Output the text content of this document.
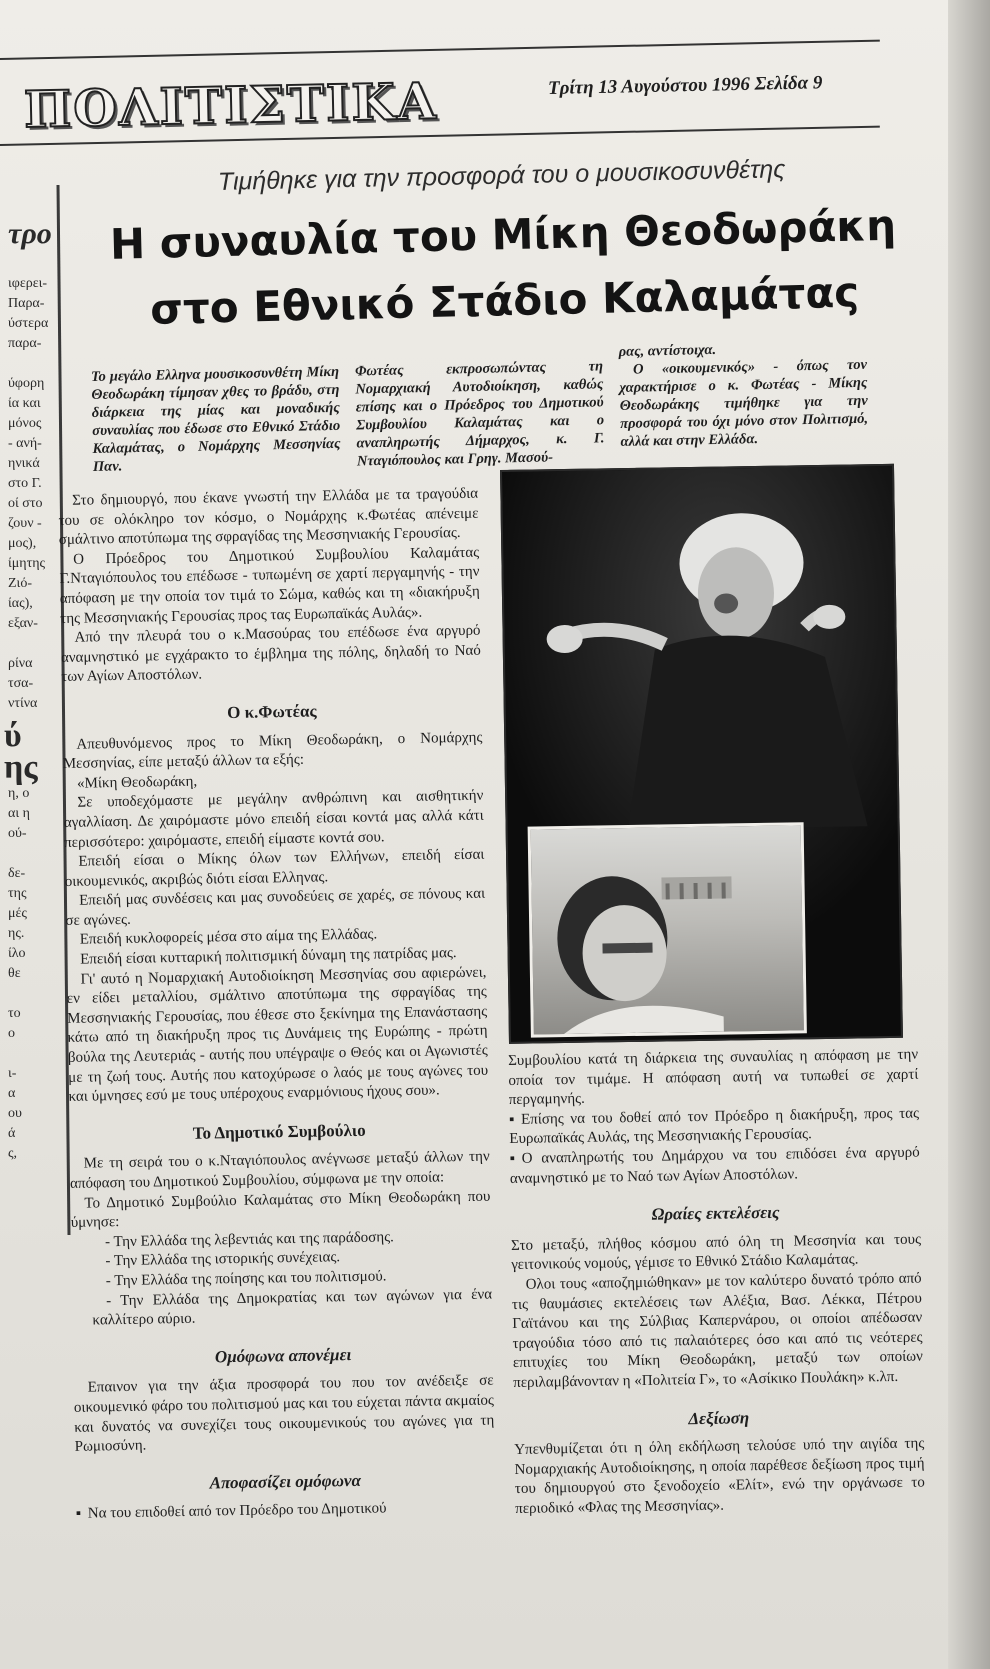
ΠΟΛΙΤΙΣΤΙΚΑ	Τρίτη 13 Αυγούστου 1996 Σελίδα 9

τρο
ιφερει-
Παρα-
ύστερα
παρα-

ύφορη
ία και
μόνος
- ανή-
ηνικά
στο Γ.
οί στο
ζουν -
μος),
ίμητης
Ζιό-
ίας),
εξαν-

ρίνα
τσα-
ντίνα
ύ
ης
η, ο
αι η
ού-

δε-
της
μές
ης.
ίλο
θε

το
ο

ι-
α
ου
ά
ς,

Τιμήθηκε για την προσφορά του ο μουσικοσυνθέτης

Η συναυλία του Μίκη Θεοδωράκη
στο Εθνικό Στάδιο Καλαμάτας
Το μεγάλο Ελληνα μουσικοσυνθέτη Μίκη Θεοδωράκη τίμησαν χθες το βράδυ, στη διάρκεια της μίας και μοναδικής συναυλίας που έδωσε στο Εθνικό Στάδιο Καλαμάτας, ο Νομάρχης Μεσσηνίας Παν.
Φωτέας εκπροσωπώντας τη Νομαρχιακή Αυτοδιοίκηση, καθώς επίσης και ο Πρόεδρος του Δημοτικού Συμβουλίου Καλαμάτας και ο αναπληρωτής Δήμαρχος, κ. Γ. Νταγιόπουλος και Γρηγ. Μασού-
ρας, αντίστοιχα.
Ο «οικουμενικός» - όπως τον χαρακτήρισε ο κ. Φωτέας - Μίκης Θεοδωράκης τιμήθηκε για την προσφορά του όχι μόνο στον Πολιτισμό, αλλά και στην Ελλάδα.

Στο δημιουργό, που έκανε γνωστή την Ελλάδα με τα τραγούδια του σε ολόκληρο τον κόσμο, ο Νομάρχης κ.Φωτέας απένειμε σμάλτινο αποτύπωμα της σφραγίδας της Μεσσηνιακής Γερουσίας.

Ο Πρόεδρος του Δημοτικού Συμβουλίου Καλαμάτας Γ.Νταγιόπουλος του επέδωσε - τυπωμένη σε χαρτί περγαμηνής - την απόφαση με την οποία τον τιμά το Σώμα, καθώς και τη «διακήρυξη της Μεσσηνιακής Γερουσίας προς τας Ευρωπαϊκάς Αυλάς».

Από την πλευρά του ο κ.Μασούρας του επέδωσε ένα αργυρό αναμνηστικό με εγχάρακτο το έμβλημα της πόλης, δηλαδή το Ναό των Αγίων Αποστόλων.

Ο κ.Φωτέας

Απευθυνόμενος προς το Μίκη Θεοδωράκη, ο Νομάρχης Μεσσηνίας, είπε μεταξύ άλλων τα εξής:

«Μίκη Θεοδωράκη,

Σε υποδεχόμαστε με μεγάλην ανθρώπινη και αισθητικήν αγαλλίαση. Δε χαιρόμαστε μόνο επειδή είσαι κοντά μας αλλά κάτι περισσότερο: χαιρόμαστε, επειδή είμαστε κοντά σου.

Επειδή είσαι ο Μίκης όλων των Ελλήνων, επειδή είσαι οικουμενικός, ακριβώς διότι είσαι Ελληνας.

Επειδή μας συνδέσεις και μας συνοδεύεις σε χαρές, σε πόνους και σε αγώνες.

Επειδή κυκλοφορείς μέσα στο αίμα της Ελλάδας.

Επειδή είσαι κυτταρική πολιτισμική δύναμη της πατρίδας μας.

Γι' αυτό η Νομαρχιακή Αυτοδιοίκηση Μεσσηνίας σου αφιερώνει, εν είδει μεταλλίου, σμάλτινο αποτύπωμα της σφραγίδας της Μεσσηνιακής Γερουσίας, που έθεσε στο ξεκίνημα της Επανάστασης κάτω από τη διακήρυξη προς τις Δυνάμεις της Ευρώπης - πρώτη βούλα της Λευτεριάς - αυτής που υπέγραψε ο Θεός και οι Αγωνιστές με τη ζωή τους. Αυτής που κατοχύρωσε ο λαός με τους αγώνες του και ύμνησες εσύ με τους υπέροχους εναρμόνιους ήχους σου».

Το Δημοτικό Συμβούλιο

Με τη σειρά του ο κ.Νταγιόπουλος ανέγνωσε μεταξύ άλλων την απόφαση του Δημοτικού Συμβουλίου, σύμφωνα με την οποία:

Το Δημοτικό Συμβούλιο Καλαμάτας στο Μίκη Θεοδωράκη που ύμνησε:

- Την Ελλάδα της λεβεντιάς και της παράδοσης.

- Την Ελλάδα της ιστορικής συνέχειας.

- Την Ελλάδα της ποίησης και του πολιτισμού.

- Την Ελλάδα της Δημοκρατίας και των αγώνων για ένα καλλίτερο αύριο.

Ομόφωνα απονέμει

Επαινον για την άξια προσφορά του που τον ανέδειξε σε οικουμενικό φάρο του πολιτισμού μας και του εύχεται πάντα ακμαίος και δυνατός να συνεχίζει τους οικουμενικούς του αγώνες για τη Ρωμιοσύνη.

Αποφασίζει ομόφωνα

▪ Να του επιδοθεί από τον Πρόεδρο του Δημοτικού

Συμβουλίου κατά τη διάρκεια της συναυλίας η απόφαση με την οποία τον τιμάμε. Η απόφαση αυτή να τυπωθεί σε χαρτί περγαμηνής.

▪ Επίσης να του δοθεί από τον Πρόεδρο η διακήρυξη, προς τας Ευρωπαϊκάς Αυλάς, της Μεσσηνιακής Γερουσίας.

▪ Ο αναπληρωτής του Δημάρχου να του επιδόσει ένα αργυρό αναμνηστικό με το Ναό των Αγίων Αποστόλων.

Ωραίες εκτελέσεις

Στο μεταξύ, πλήθος κόσμου από όλη τη Μεσσηνία και τους γειτονικούς νομούς, γέμισε το Εθνικό Στάδιο Καλαμάτας.

Ολοι τους «αποζημιώθηκαν» με τον καλύτερο δυνατό τρόπο από τις θαυμάσιες εκτελέσεις των Αλέξια, Βασ. Λέκκα, Πέτρου Γαϊτάνου και της Σύλβιας Καπερνάρου, οι οποίοι απέδωσαν τραγούδια τόσο από τις παλαιότερες όσο και από τις νεότερες επιτυχίες του Μίκη Θεοδωράκη, μεταξύ των οποίων περιλαμβάνονταν η «Πολιτεία Γ», το «Ασίκικο Πουλάκη» κ.λπ.

Δεξίωση

Υπενθυμίζεται ότι η όλη εκδήλωση τελούσε υπό την αιγίδα της Νομαρχιακής Αυτοδιοίκησης, η οποία παρέθεσε δεξίωση προς τιμή του δημιουργού στο ξενοδοχείο «Ελίτ», ενώ την οργάνωσε το περιοδικό «Φλας της Μεσσηνίας».
